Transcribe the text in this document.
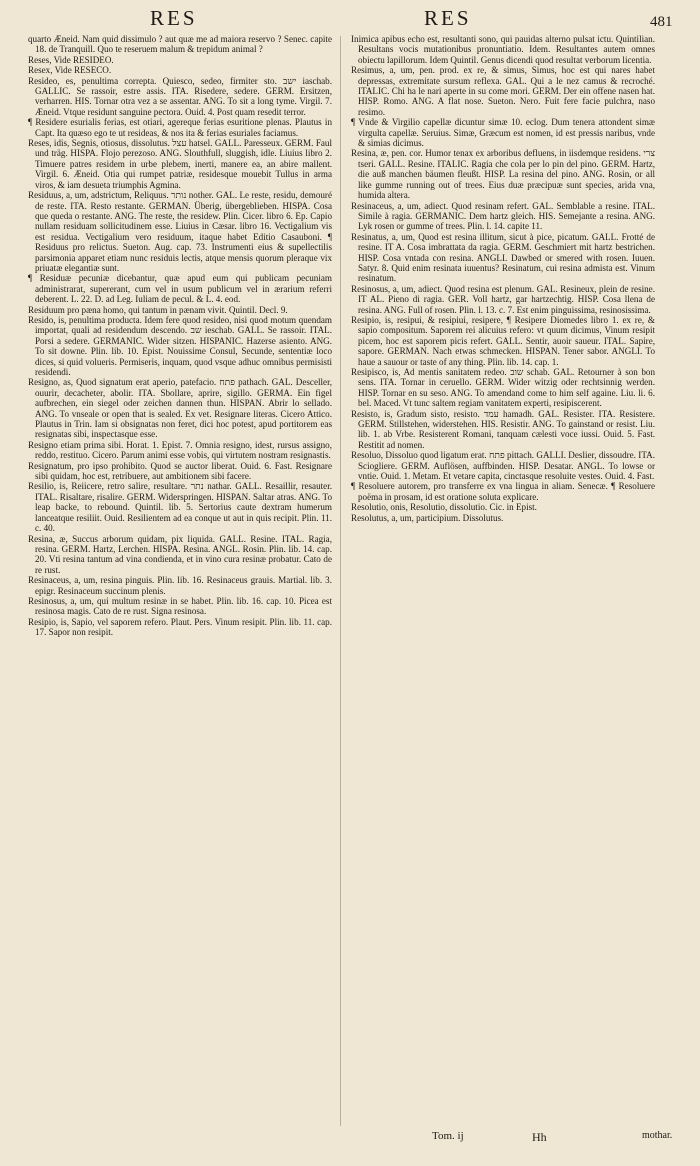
RES	RES	481

quarto Æneid. Nam quid dissimulo ? aut quæ me ad maiora reservo ? Senec. capite 18. de Tranquill. Quo te reseruem malum & trepidum animal ?

Reses, Vide RESIDEO.

Resex, Vide RESECO.

Resideo, es, penultima correpta. Quiesco, sedeo, firmiter sto. ישב iaschab. GALLIC. Se rassoir, estre assis. ITA. Risedere, sedere. GERM. Ersitzen, verharren. HIS. Tornar otra vez a se assentar. ANG. To sit a long tyme. Virgil. 7. Æneid. Vtque residunt sanguine pectora. Ouid. 4. Post quam resedit terror.

¶ Residere esurialis ferias, est otiari, agereque ferias esuritione plenas. Plautus in Capt. Ita quæso ego te ut resideas, & nos ita & ferias esuriales faciamus.

Reses, idis, Segnis, otiosus, dissolutus. עצל hatsel. GALL. Paresseux. GERM. Faul und träg. HISPA. Flojo perezoso. ANG. Slouthfull, sluggish, idle. Liuius libro 2. Timuere patres residem in urbe plebem, inerti, manere ea, an abire mallent. Virgil. 6. Æneid. Otia qui rumpet patriæ, residesque mouebit Tullus in arma viros, & iam desueta triumphis Agmina.

Residuus, a, um, adstrictum, Reliquus. נותר nother. GAL. Le reste, residu, demouré de reste. ITA. Resto restante. GERMAN. Überig, übergeblieben. HISPA. Cosa que queda o restante. ANG. The reste, the residew. Plin. Cicer. libro 6. Ep. Capio nullam residuam sollicitudinem esse. Liuius in Cæsar. libro 16. Vectigalium vis est residua. Vectigalium vero residuum, itaque habet Editio Casauboni. ¶ Residuus pro relictus. Sueton. Aug. cap. 73. Instrumenti eius & supellectilis parsimonia apparet etiam nunc residuis lectis, atque mensis quorum pleraque vix priuatæ elegantiæ sunt.

¶ Residuæ pecuniæ dicebantur, quæ apud eum qui publicam pecuniam administrarat, supererant, cum vel in usum publicum vel in ærarium referri deberent. L. 22. D. ad Leg. Iuliam de pecul. & L. 4. eod.

Residuum pro pæna homo, qui tantum in pænam vivit. Quintil. Decl. 9.

Resido, is, penultima producta. Idem fere quod resideo, nisi quod motum quendam importat, quali ad residendum descendo. שב ieschab. GALL. Se rassoir. ITAL. Porsi a sedere. GERMANIC. Wider sitzen. HISPANIC. Hazerse asiento. ANG. To sit downe. Plin. lib. 10. Epist. Nouissime Consul, Secunde, sententiæ loco dices, si quid volueris. Permiseris, inquam, quod vsque adhuc omnibus permisisti residendi.

Resigno, as, Quod signatum erat aperio, patefacio. פתח pathach. GAL. Desceller, ouurir, decacheter, abolir. ITA. Sbollare, aprire, sigillo. GERMA. Ein figel aufbrechen, ein siegel oder zeichen dannen thun. HISPAN. Abrir lo sellado. ANG. To vnseale or open that is sealed. Ex vet. Resignare literas. Cicero Attico. Plautus in Trin. Iam si obsignatas non feret, dici hoc potest, apud portitorem eas resignatas sibi, inspectasque esse.

Resigno etiam prima sibi. Horat. 1. Epist. 7. Omnia resigno, idest, rursus assigno, reddo, restituo. Cicero. Parum animi esse vobis, qui virtutem nostram resignastis.

Resignatum, pro ipso prohibito. Quod se auctor liberat. Ouid. 6. Fast. Resignare sibi quidam, hoc est, retribuere, aut ambitionem sibi facere.

Resilio, is, Reiicere, retro salire, resultare. נתר nathar. GALL. Resaillir, resauter. ITAL. Risaltare, risalire. GERM. Widerspringen. HISPAN. Saltar atras. ANG. To leap backe, to rebound. Quintil. lib. 5. Sertorius caute dextram humerum lanceatque resiliit. Ouid. Resilientem ad ea conque ut aut in quis recipit. Plin. 11. c. 40.

Resina, æ, Succus arborum quidam, pix liquida. GALL. Resine. ITAL. Ragia, resina. GERM. Hartz, Lerchen. HISPA. Resina. ANGL. Rosin. Plin. lib. 14. cap. 20. Vti resina tantum ad vina condienda, et in vino cura resinæ probatur. Cato de re rust.

Resinaceus, a, um, resina pinguis. Plin. lib. 16. Resinaceus grauis. Martial. lib. 3. epigr. Resinaceum succinum plenis.

Resinosus, a, um, qui multum resinæ in se habet. Plin. lib. 16. cap. 10. Picea est resinosa magis. Cato de re rust. Signa resinosa.

Resipio, is, Sapio, vel saporem refero. Plaut. Pers. Vinum resipit. Plin. lib. 11. cap. 17. Sapor non resipit.

Inimica apibus echo est, resultanti sono, qui pauidas alterno pulsat ictu. Quintilian. Resultans vocis mutationibus pronuntiatio. Idem. Resultantes autem omnes obiectu lapillorum. Idem Quintil. Genus dicendi quod resultat verborum licentia.

Resimus, a, um, pen. prod. ex re, & simus, Simus, hoc est qui nares habet depressas, extremitate sursum reflexa. GAL. Qui a le nez camus & recroché. ITALIC. Chi ha le nari aperte in su come mori. GERM. Der ein offene nasen hat. HISP. Romo. ANG. A flat nose. Sueton. Nero. Fuit fere facie pulchra, naso resimo.

¶ Vnde & Virgilio capellæ dicuntur simæ 10. eclog. Dum tenera attondent simæ virgulta capellæ. Seruius. Simæ, Græcum est nomen, id est pressis naribus, vnde & simias dicimus.

Resina, æ, pen. cor. Humor tenax ex arboribus defluens, in iisdemque residens. צרי tseri. GALL. Resine. ITALIC. Ragia che cola per lo pin del pino. GERM. Hartz, die auß manchen bäumen fleußt. HISP. La resina del pino. ANG. Rosin, or all like gumme running out of trees. Eius duæ præcipuæ sunt species, arida vna, humida altera.

Resinaceus, a, um, adiect. Quod resinam refert. GAL. Semblable a resine. ITAL. Simile à ragia. GERMANIC. Dem hartz gleich. HIS. Semejante a resina. ANG. Lyk rosen or gumme of trees. Plin. l. 14. capite 11.

Resinatus, a, um, Quod est resina illitum, sicut à pice, picatum. GALL. Frotté de resine. IT A. Cosa imbrattata da ragia. GERM. Geschmiert mit hartz bestrichen. HISP. Cosa vntada con resina. ANGLI. Dawbed or smered with rosen. Iuuen. Satyr. 8. Quid enim resinata iuuentus? Resinatum, cui resina admista est. Vinum resinatum.

Resinosus, a, um, adiect. Quod resina est plenum. GAL. Resineux, plein de resine. IT AL. Pieno di ragia. GER. Voll hartz, gar hartzechtig. HISP. Cosa llena de resina. ANG. Full of rosen. Plin. l. 13. c. 7. Est enim pinguissima, resinosissima.

Resipio, is, resipui, & resipiui, resipere, ¶ Resipere Diomedes libro 1. ex re, & sapio compositum. Saporem rei alicuius refero: vt quum dicimus, Vinum resipit picem, hoc est saporem picis refert. GALL. Sentir, auoir saueur. ITAL. Sapire, sapore. GERMAN. Nach etwas schmecken. HISPAN. Tener sabor. ANGLI. To haue a sauour or taste of any thing. Plin. lib. 14. cap. 1.

Resipisco, is, Ad mentis sanitatem redeo. שוב schab. GAL. Retourner à son bon sens. ITA. Tornar in ceruello. GERM. Wider witzig oder rechtsinnig werden. HISP. Tornar en su seso. ANG. To amendand come to him self againe. Liu. li. 6. bel. Maced. Vt tunc saltem regiam vanitatem experti, resipiscerent.

Resisto, is, Gradum sisto, resisto. עמד hamadh. GAL. Resister. ITA. Resistere. GERM. Stillstehen, widerstehen. HIS. Resistir. ANG. To gainstand or resist. Liu. lib. 1. ab Vrbe. Resisterent Romani, tanquam cælesti voce iussi. Ouid. 5. Fast. Restitit ad nomen.

Resoluo, Dissoluo quod ligatum erat. פתח pittach. GALLI. Deslier, dissoudre. ITA. Sciogliere. GERM. Auflösen, auffbinden. HISP. Desatar. ANGL. To lowse or vntie. Ouid. 1. Metam. Et vetare capita, cinctasque resoluite vestes. Ouid. 4. Fast.

¶ Resoluere autorem, pro transferre ex vna lingua in aliam. Senecæ. ¶ Resoluere poëma in prosam, id est oratione soluta explicare.

Resolutio, onis, Resolutio, dissolutio. Cic. in Epist.

Resolutus, a, um, participium. Dissolutus.

Tom. ij	Hh	mothar.
